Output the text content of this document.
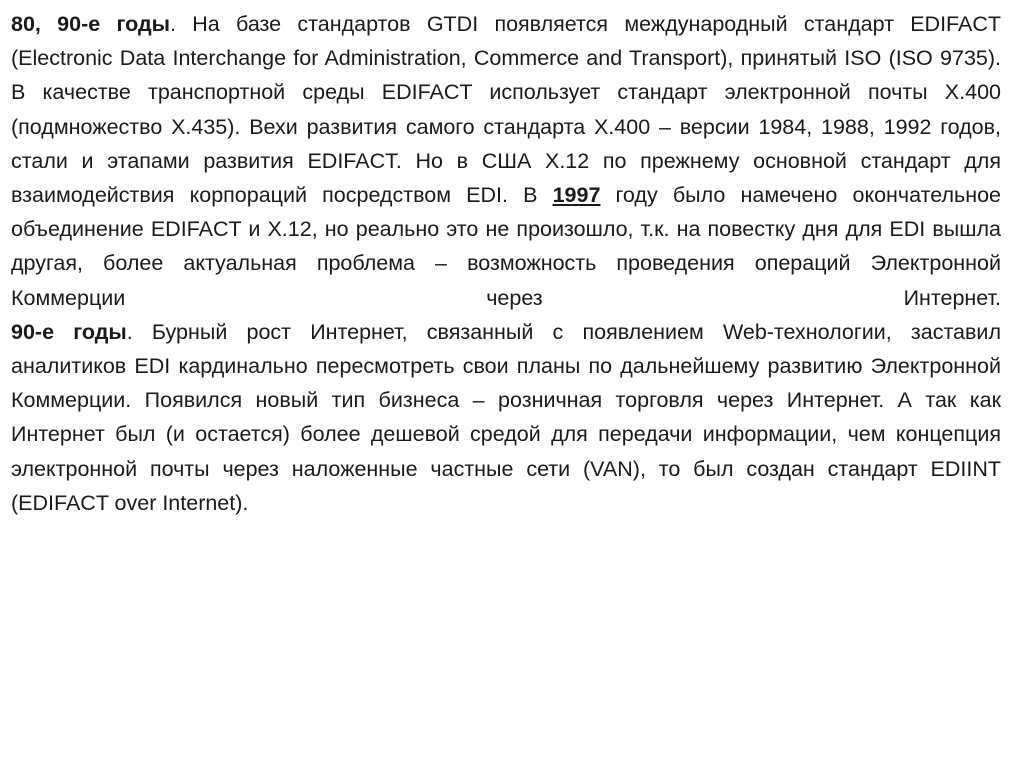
80, 90-е годы. На базе стандартов GTDI появляется международный стандарт EDIFACT (Electronic Data Interchange for Administration, Commerce and Transport), принятый ISO (ISO 9735). В качестве транспортной среды EDIFACT использует стандарт электронной почты X.400 (подмножество X.435). Вехи развития самого стандарта X.400 – версии 1984, 1988, 1992 годов, стали и этапами развития EDIFACT. Но в США X.12 по прежнему основной стандарт для взаимодействия корпораций посредством EDI. В 1997 году было намечено окончательное объединение EDIFACT и X.12, но реально это не произошло, т.к. на повестку дня для EDI вышла другая, более актуальная проблема – возможность проведения операций Электронной Коммерции через Интернет.

90-е годы. Бурный рост Интернет, связанный с появлением Web-технологии, заставил аналитиков EDI кардинально пересмотреть свои планы по дальнейшему развитию Электронной Коммерции. Появился новый тип бизнеса – розничная торговля через Интернет. А так как Интернет был (и остается) более дешевой средой для передачи информации, чем концепция электронной почты через наложенные частные сети (VAN), то был создан стандарт EDIINT (EDIFACT over Internet).
